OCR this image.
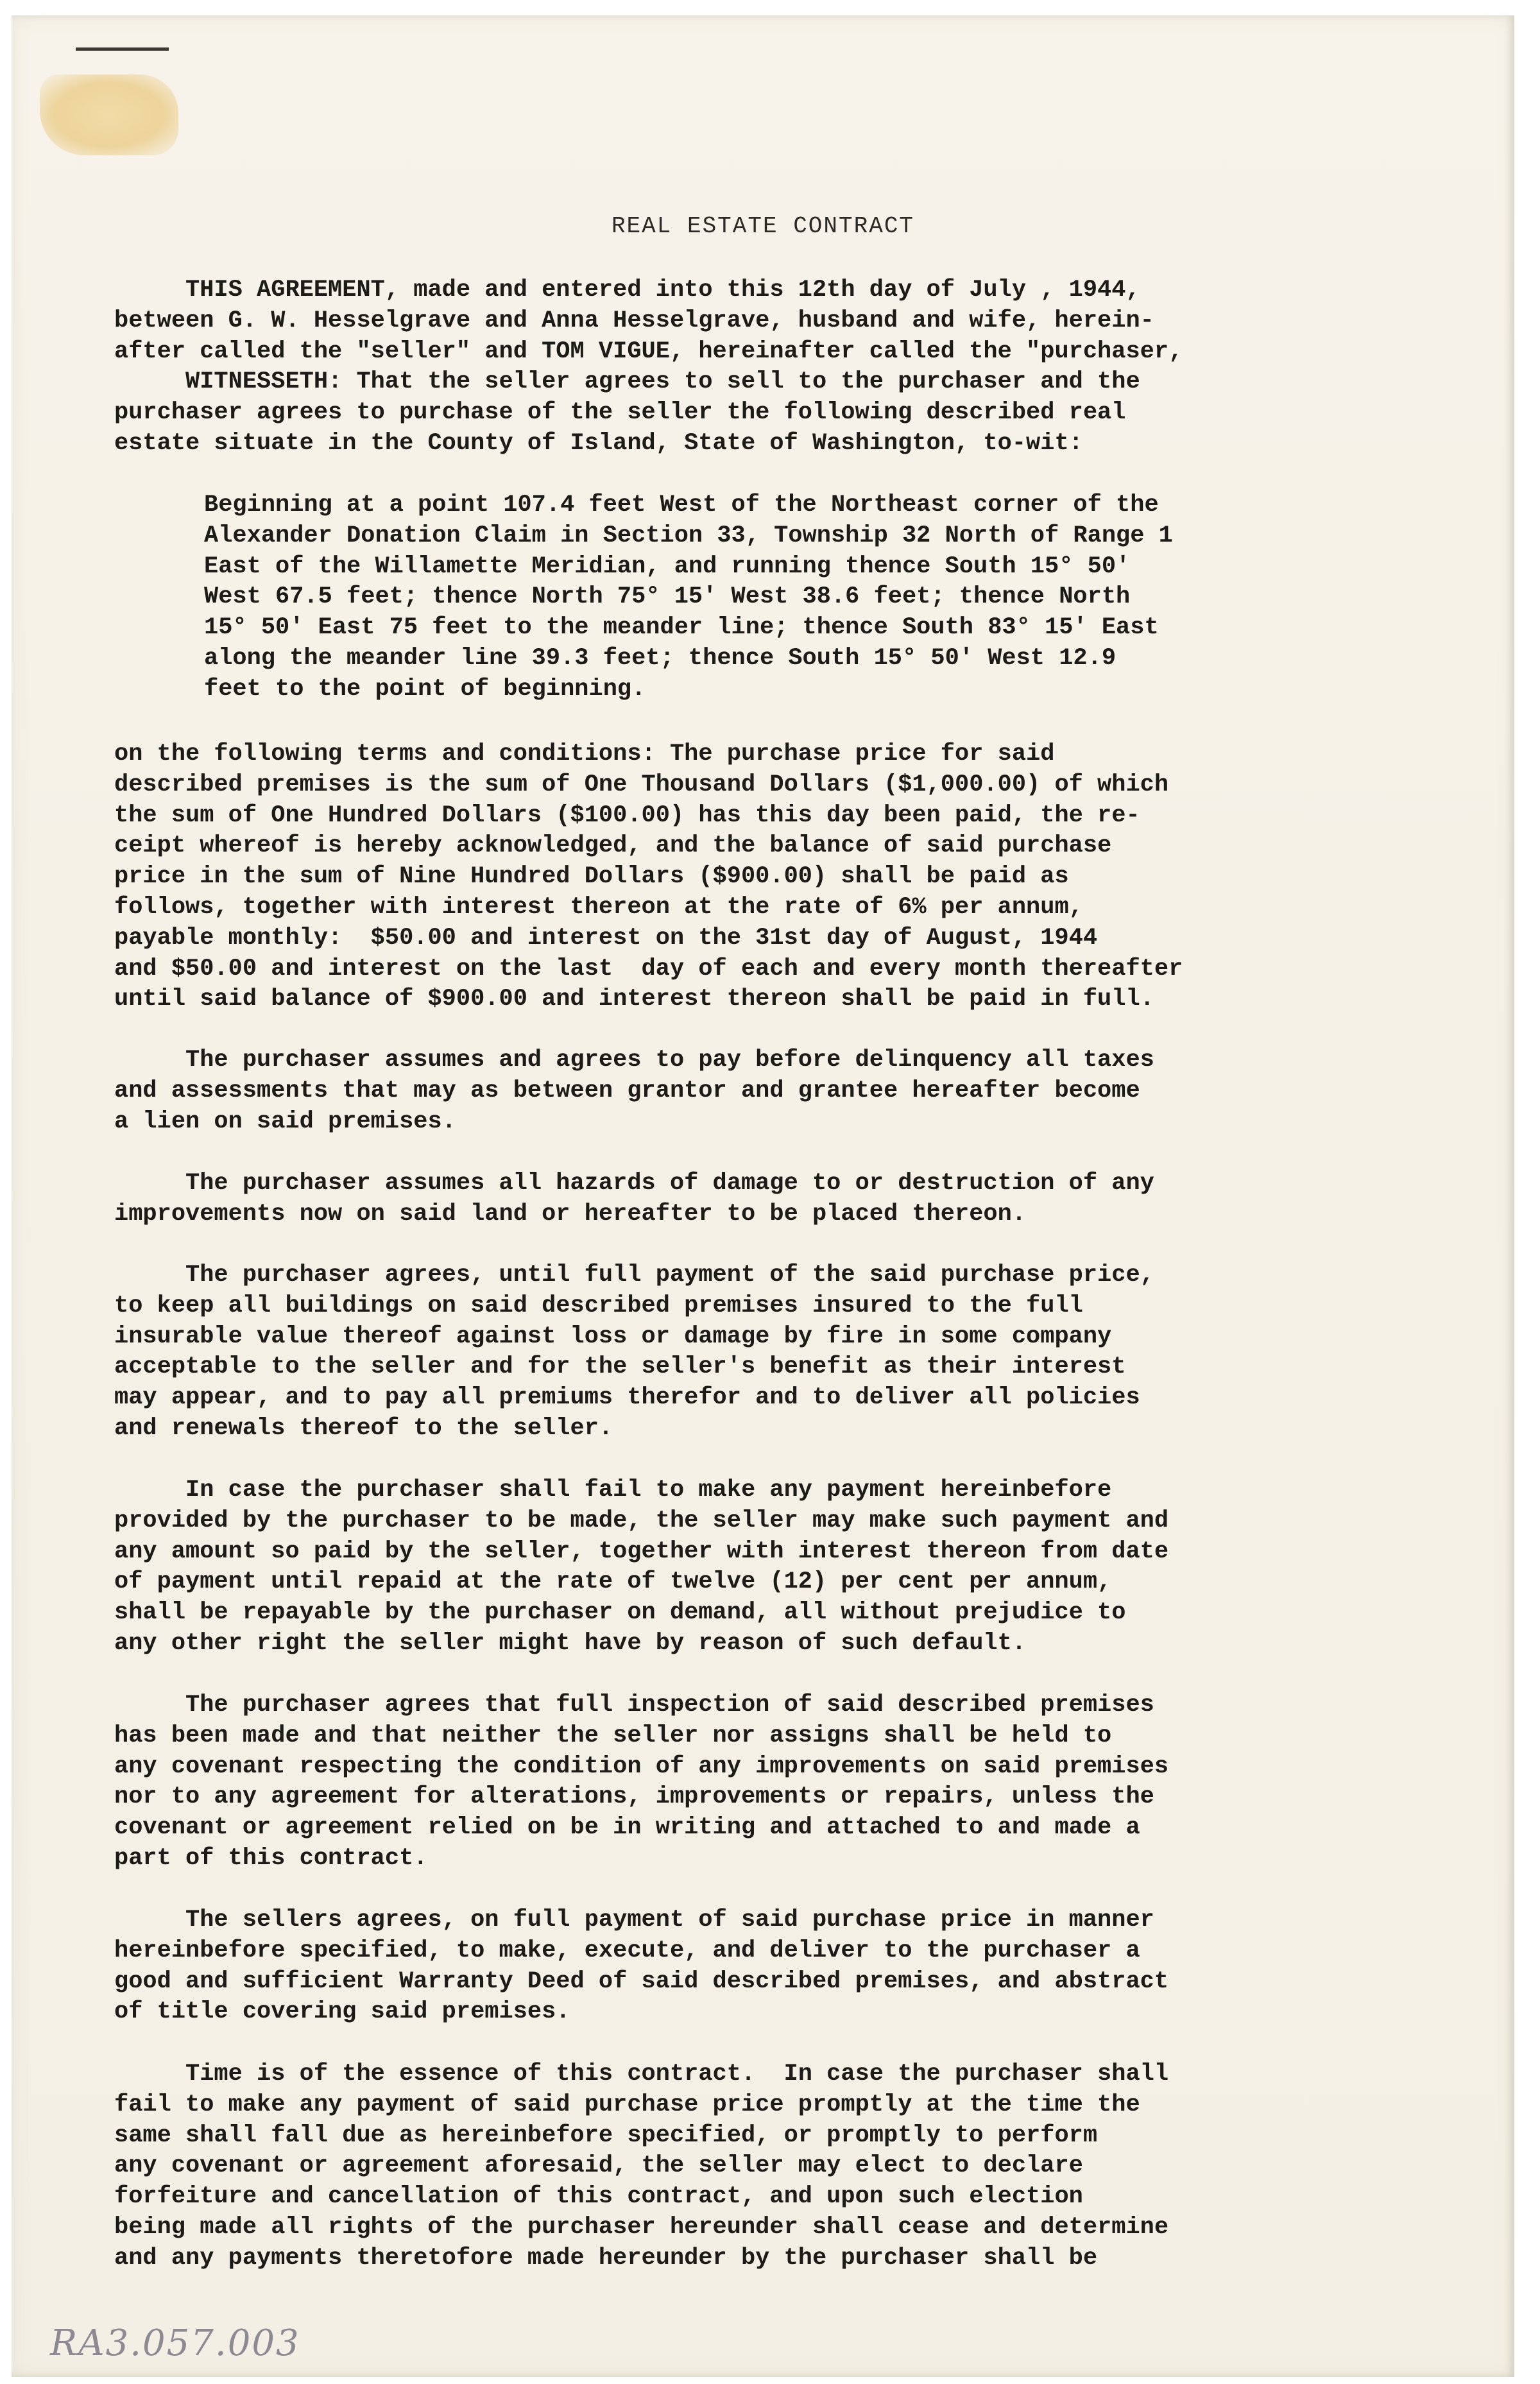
REAL ESTATE CONTRACT
THIS AGREEMENT, made and entered into this 12th day of July , 1944,
between G. W. Hesselgrave and Anna Hesselgrave, husband and wife, herein-
after called the "seller" and TOM VIGUE, hereinafter called the "purchaser,
WITNESSETH: That the seller agrees to sell to the purchaser and the
purchaser agrees to purchase of the seller the following described real
estate situate in the County of Island, State of Washington, to-wit:
Beginning at a point 107.4 feet West of the Northeast corner of the
Alexander Donation Claim in Section 33, Township 32 North of Range 1
East of the Willamette Meridian, and running thence South 15° 50'
West 67.5 feet; thence North 75° 15' West 38.6 feet; thence North
15° 50' East 75 feet to the meander line; thence South 83° 15' East
along the meander line 39.3 feet; thence South 15° 50' West 12.9
feet to the point of beginning.
on the following terms and conditions: The purchase price for said
described premises is the sum of One Thousand Dollars ($1,000.00) of which
the sum of One Hundred Dollars ($100.00) has this day been paid, the re-
ceipt whereof is hereby acknowledged, and the balance of said purchase
price in the sum of Nine Hundred Dollars ($900.00) shall be paid as
follows, together with interest thereon at the rate of 6% per annum,
payable monthly:  $50.00 and interest on the 31st day of August, 1944
and $50.00 and interest on the last  day of each and every month thereafter
until said balance of $900.00 and interest thereon shall be paid in full.
The purchaser assumes and agrees to pay before delinquency all taxes
and assessments that may as between grantor and grantee hereafter become
a lien on said premises.
The purchaser assumes all hazards of damage to or destruction of any
improvements now on said land or hereafter to be placed thereon.
The purchaser agrees, until full payment of the said purchase price,
to keep all buildings on said described premises insured to the full
insurable value thereof against loss or damage by fire in some company
acceptable to the seller and for the seller's benefit as their interest
may appear, and to pay all premiums therefor and to deliver all policies
and renewals thereof to the seller.
In case the purchaser shall fail to make any payment hereinbefore
provided by the purchaser to be made, the seller may make such payment and
any amount so paid by the seller, together with interest thereon from date
of payment until repaid at the rate of twelve (12) per cent per annum,
shall be repayable by the purchaser on demand, all without prejudice to
any other right the seller might have by reason of such default.
The purchaser agrees that full inspection of said described premises
has been made and that neither the seller nor assigns shall be held to
any covenant respecting the condition of any improvements on said premises
nor to any agreement for alterations, improvements or repairs, unless the
covenant or agreement relied on be in writing and attached to and made a
part of this contract.
The sellers agrees, on full payment of said purchase price in manner
hereinbefore specified, to make, execute, and deliver to the purchaser a
good and sufficient Warranty Deed of said described premises, and abstract
of title covering said premises.
Time is of the essence of this contract.  In case the purchaser shall
fail to make any payment of said purchase price promptly at the time the
same shall fall due as hereinbefore specified, or promptly to perform
any covenant or agreement aforesaid, the seller may elect to declare
forfeiture and cancellation of this contract, and upon such election
being made all rights of the purchaser hereunder shall cease and determine
and any payments theretofore made hereunder by the purchaser shall be
RA3.057.003
